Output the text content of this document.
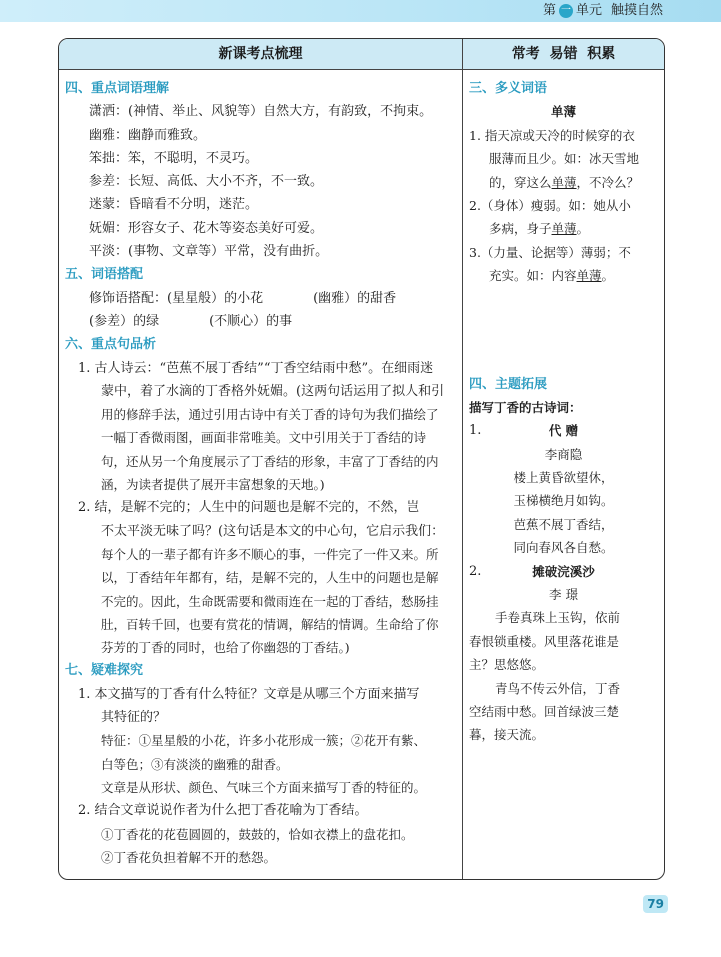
第 一 单元 触摸自然
新课考点梳理	常考  易错  积累
四、重点词语理解
潇洒：(神情、举止、风貌等）自然大方，有韵致，不拘束。
幽雅：幽静而雅致。
笨拙：笨，不聪明，不灵巧。
参差：长短、高低、大小不齐，不一致。
迷蒙：昏暗看不分明，迷茫。
妩媚：形容女子、花木等姿态美好可爱。
平淡：(事物、文章等）平常，没有曲折。
五、词语搭配
修饰语搭配：(星星般）的小花	(幽雅）的甜香
(参差）的绿	(不顺心）的事
六、重点句品析
1. 古人诗云：“芭蕉不展丁香结”“丁香空结雨中愁”。在细雨迷
蒙中，着了水滴的丁香格外妩媚。(这两句话运用了拟人和引
用的修辞手法，通过引用古诗中有关丁香的诗句为我们描绘了
一幅丁香微雨图，画面非常唯美。文中引用关于丁香结的诗
句，还从另一个角度展示了丁香结的形象，丰富了丁香结的内
涵，为读者提供了展开丰富想象的天地。)
2. 结，是解不完的；人生中的问题也是解不完的，不然，岂
不太平淡无味了吗？(这句话是本文的中心句，它启示我们：
每个人的一辈子都有许多不顺心的事，一件完了一件又来。所
以，丁香结年年都有，结，是解不完的，人生中的问题也是解
不完的。因此，生命既需要和微雨连在一起的丁香结，愁肠挂
肚，百转千回，也要有赏花的情调，解结的情调。生命给了你
芬芳的丁香的同时，也给了你幽怨的丁香结。)
七、疑难探究
1. 本文描写的丁香有什么特征？文章是从哪三个方面来描写
其特征的？
特征：①星星般的小花，许多小花形成一簇；②花开有紫、
白等色；③有淡淡的幽雅的甜香。
文章是从形状、颜色、气味三个方面来描写丁香的特征的。
2. 结合文章说说作者为什么把丁香花喻为丁香结。
①丁香花的花苞圆圆的，鼓鼓的，恰如衣襟上的盘花扣。
②丁香花负担着解不开的愁怨。
三、多义词语
单薄
1. 指天凉或天冷的时候穿的衣
服薄而且少。如：冰天雪地
的，穿这么单薄，不冷么？
2.（身体）瘦弱。如：她从小
多病，身子单薄。
3.（力量、论据等）薄弱；不
充实。如：内容单薄。
四、主题拓展
描写丁香的古诗词：
1.	代 赠
李商隐
楼上黄昏欲望休，
玉梯横绝月如钩。
芭蕉不展丁香结，
同向春风各自愁。
2.	摊破浣溪沙
李 璟
手卷真珠上玉钩，依前
春恨锁重楼。风里落花谁是
主？思悠悠。
青鸟不传云外信，丁香
空结雨中愁。回首绿波三楚
暮，接天流。
79
